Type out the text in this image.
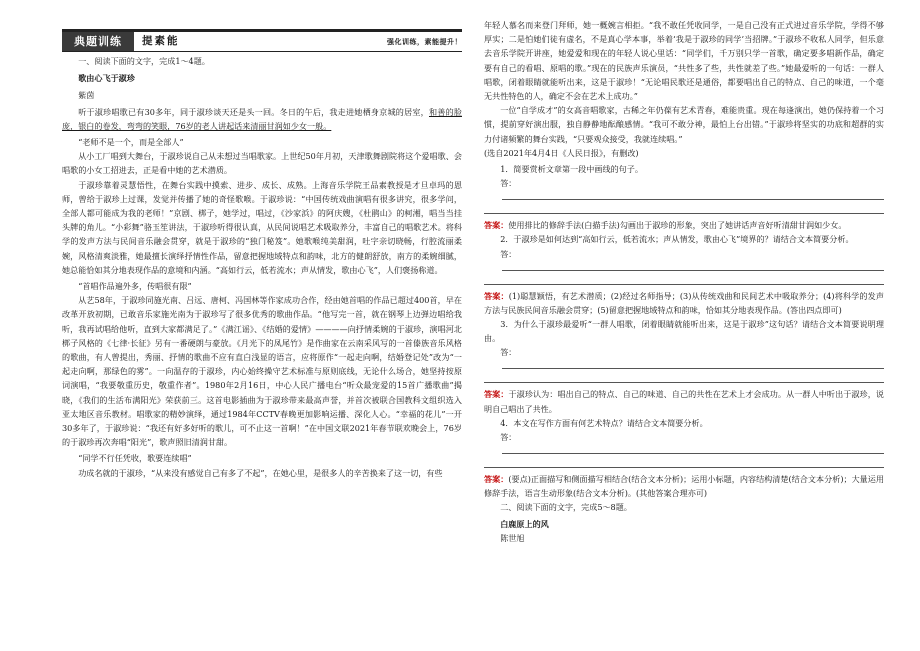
典题训练	提素能	强化训练，素能提升！

一、阅读下面的文字，完成1～4题。

歌由心飞于淑珍

紫茵

听于淑珍唱歌已有30多年，同于淑珍谈天还是头一回。冬日的午后，我走进她栖身京城的居室，和善的脸庞，银白的卷发，弯弯的笑眼，76岁的老人讲起话来清丽甘润如少女一般。

“老师不是一个，而是全部人”

从小工厂唱到大舞台，于淑珍说自己从未想过当唱歌家。上世纪50年月初，天津歌舞剧院将这个爱唱歌、会唱歌的小女工招进去，正是看中她的艺术潜质。

于淑珍靠着灵慧悟性，在舞台实践中摸索、进步、成长、成熟。上海音乐学院王品素教授是才旦卓玛的恩师，曾给于淑珍上过课，发觉并传播了她的奇怪歌喉。于淑珍说：“中国传统戏曲演唱有很多讲究，很多学问，全部人都可能成为我的老师！”京剧、梆子，她学过，唱过，《沙家浜》的阿庆嫂，《杜鹃山》的柯湘，唱当当挂头牌的角儿。“小彩舞”骆玉笙讲法，于淑珍听得很认真，从民间说唱艺术吸取养分，丰富自己的唱歌艺术。将科学的发声方法与民间音乐融会贯穿，就是于淑珍的“独门秘笈”。她歌喉纯美甜润，吐字亲切晓畅，行腔流丽柔婉，风格清爽淡雅，她最擅长演绎抒情性作品，留意把握地域特点和韵味，北方的健朗舒放，南方的柔婉细腻，她总能恰如其分地表现作品的意境和内涵。“高如行云，低若流水；声从情发，歌由心飞”，人们褒扬称道。

“首唱作品遍外多，传唱很有限”

从艺58年，于淑珍同施光南、吕远、唐柯、冯国林等作家成功合作，经由她首唱的作品已超过400首，早在改革开放初期，已敢音乐家施光南为于淑珍写了很多优秀的歌曲作品。“他写完一首，就在钢琴上边弹边唱给我听，我再试唱给他听，直到大家都满足了。”《满江谣》、《结婚的爱情》————向抒情柔婉的于淑珍，演唱河北梆子风格的《七律·长征》另有一番硬朗与豪放。《月光下的凤尾竹》是作曲家在云南采风写的一首傣族音乐风格的歌曲，有人曾提出，秀丽、抒情的歌曲不应有直白浅显的语言，应将原作“一起走向啊，结婚登记处”改为“一起走向啊，那绿色的雾”。一向温存的于淑珍，内心始终操守艺术标准与原则底线，无论什么场合，她坚持按原词演唱，“我要敬重历史，敬重作者”。1980年2月16日，中心人民广播电台“听众最宠爱的15首广播歌曲”揭晓，《我们的生活布满阳光》荣获前三。这首电影插曲为于淑珍带来最高声誉，并首次被联合国教科文组织选入亚太地区音乐教材。唱歌家的精妙演绎，通过1984年CCTV春晚更加影响运播、深化人心。“幸福的花儿”一开30多年了，于淑珍说：“我还有好多好听的歌儿，可不止这一首啊！”在中国文联2021年春节联欢晚会上，76岁的于淑珍再次奔唱“阳光”，歌声照旧清润甘甜。

“同学不行任凭收，歌要连续唱”

功成名就的于淑珍，“从来没有感觉自己有多了不起”，在她心里，是很多人的辛苦换来了这一切，有些

年轻人慕名而来登门拜师，她一概婉言相拒。“我不敢任凭收同学，一是自己没有正式进过音乐学院，学得不够厚实；二是怕她们徒有虚名，不是真心学本事，举着‘我是于淑珍的同学’当招牌。”于淑珍不收私人同学，但乐意去音乐学院开讲座，她爱爱和现在的年轻人说心里话：“同学们，千万别只学一首歌，确定要多唱新作品，确定要有自己的看唱、原唱的歌。”现在的民族声乐演员，“共性多了些，共性就差了些。”她最爱听的一句话：一群人唱歌，闭着眼睛就能听出来，这是于淑珍！“无论唱民歌还是通俗，都要唱出自己的特点、自己的味道，一个毫无共性特色的人，确定不会在艺术上成功。”

一位“自学成才”的女高音唱歌家，古稀之年仍葆有艺术青春，难能贵重。现在每逢演出，她仍保持着一个习惯，提前穿好演出服，独自静静地酝酿感情。“我可不敢分神，最怕上台出错。”于淑珍将坚实的功底和超群的实力付诸频繁的舞台实践，“只要观众接受，我就连续唱。”

(选自2021年4月4日《人民日报》，有删改)

1．简要赏析文章第一段中画线的句子。

答：

答案：使用排比的修辞手法(白描手法)勾画出于淑珍的形象，突出了她讲话声音好听清甜甘润如少女。

2．于淑珍是如何达到“高如行云，低若流水；声从情发，歌由心飞”境界的？请结合文本简要分析。

答：

答案：(1)聪慧颖悟，有艺术潜质；(2)经过名师指导；(3)从传统戏曲和民间艺术中吸取养分；(4)将科学的发声方法与民族民间音乐融会贯穿；(5)留意把握地域特点和韵味，恰如其分地表现作品。(答出四点即可)

3．为什么于淑珍最爱听“一群人唱歌，闭着眼睛就能听出来，这是于淑珍”这句话？请结合文本简要说明理由。

答：

答案：于淑珍认为：唱出自己的特点、自己的味道、自己的共性在艺术上才会成功。从一群人中听出于淑珍，说明自己唱出了共性。

4．本文在写作方面有何艺术特点？请结合文本简要分析。

答：

答案：(要点)正面描写和侧面描写相结合(结合文本分析)；运用小标题，内容结构清楚(结合文本分析)；大量运用修辞手法，语言生动形象(结合文本分析)。(其他答案合理亦可)

二、阅读下面的文字，完成5～8题。

白鹿原上的风

陈世旭
